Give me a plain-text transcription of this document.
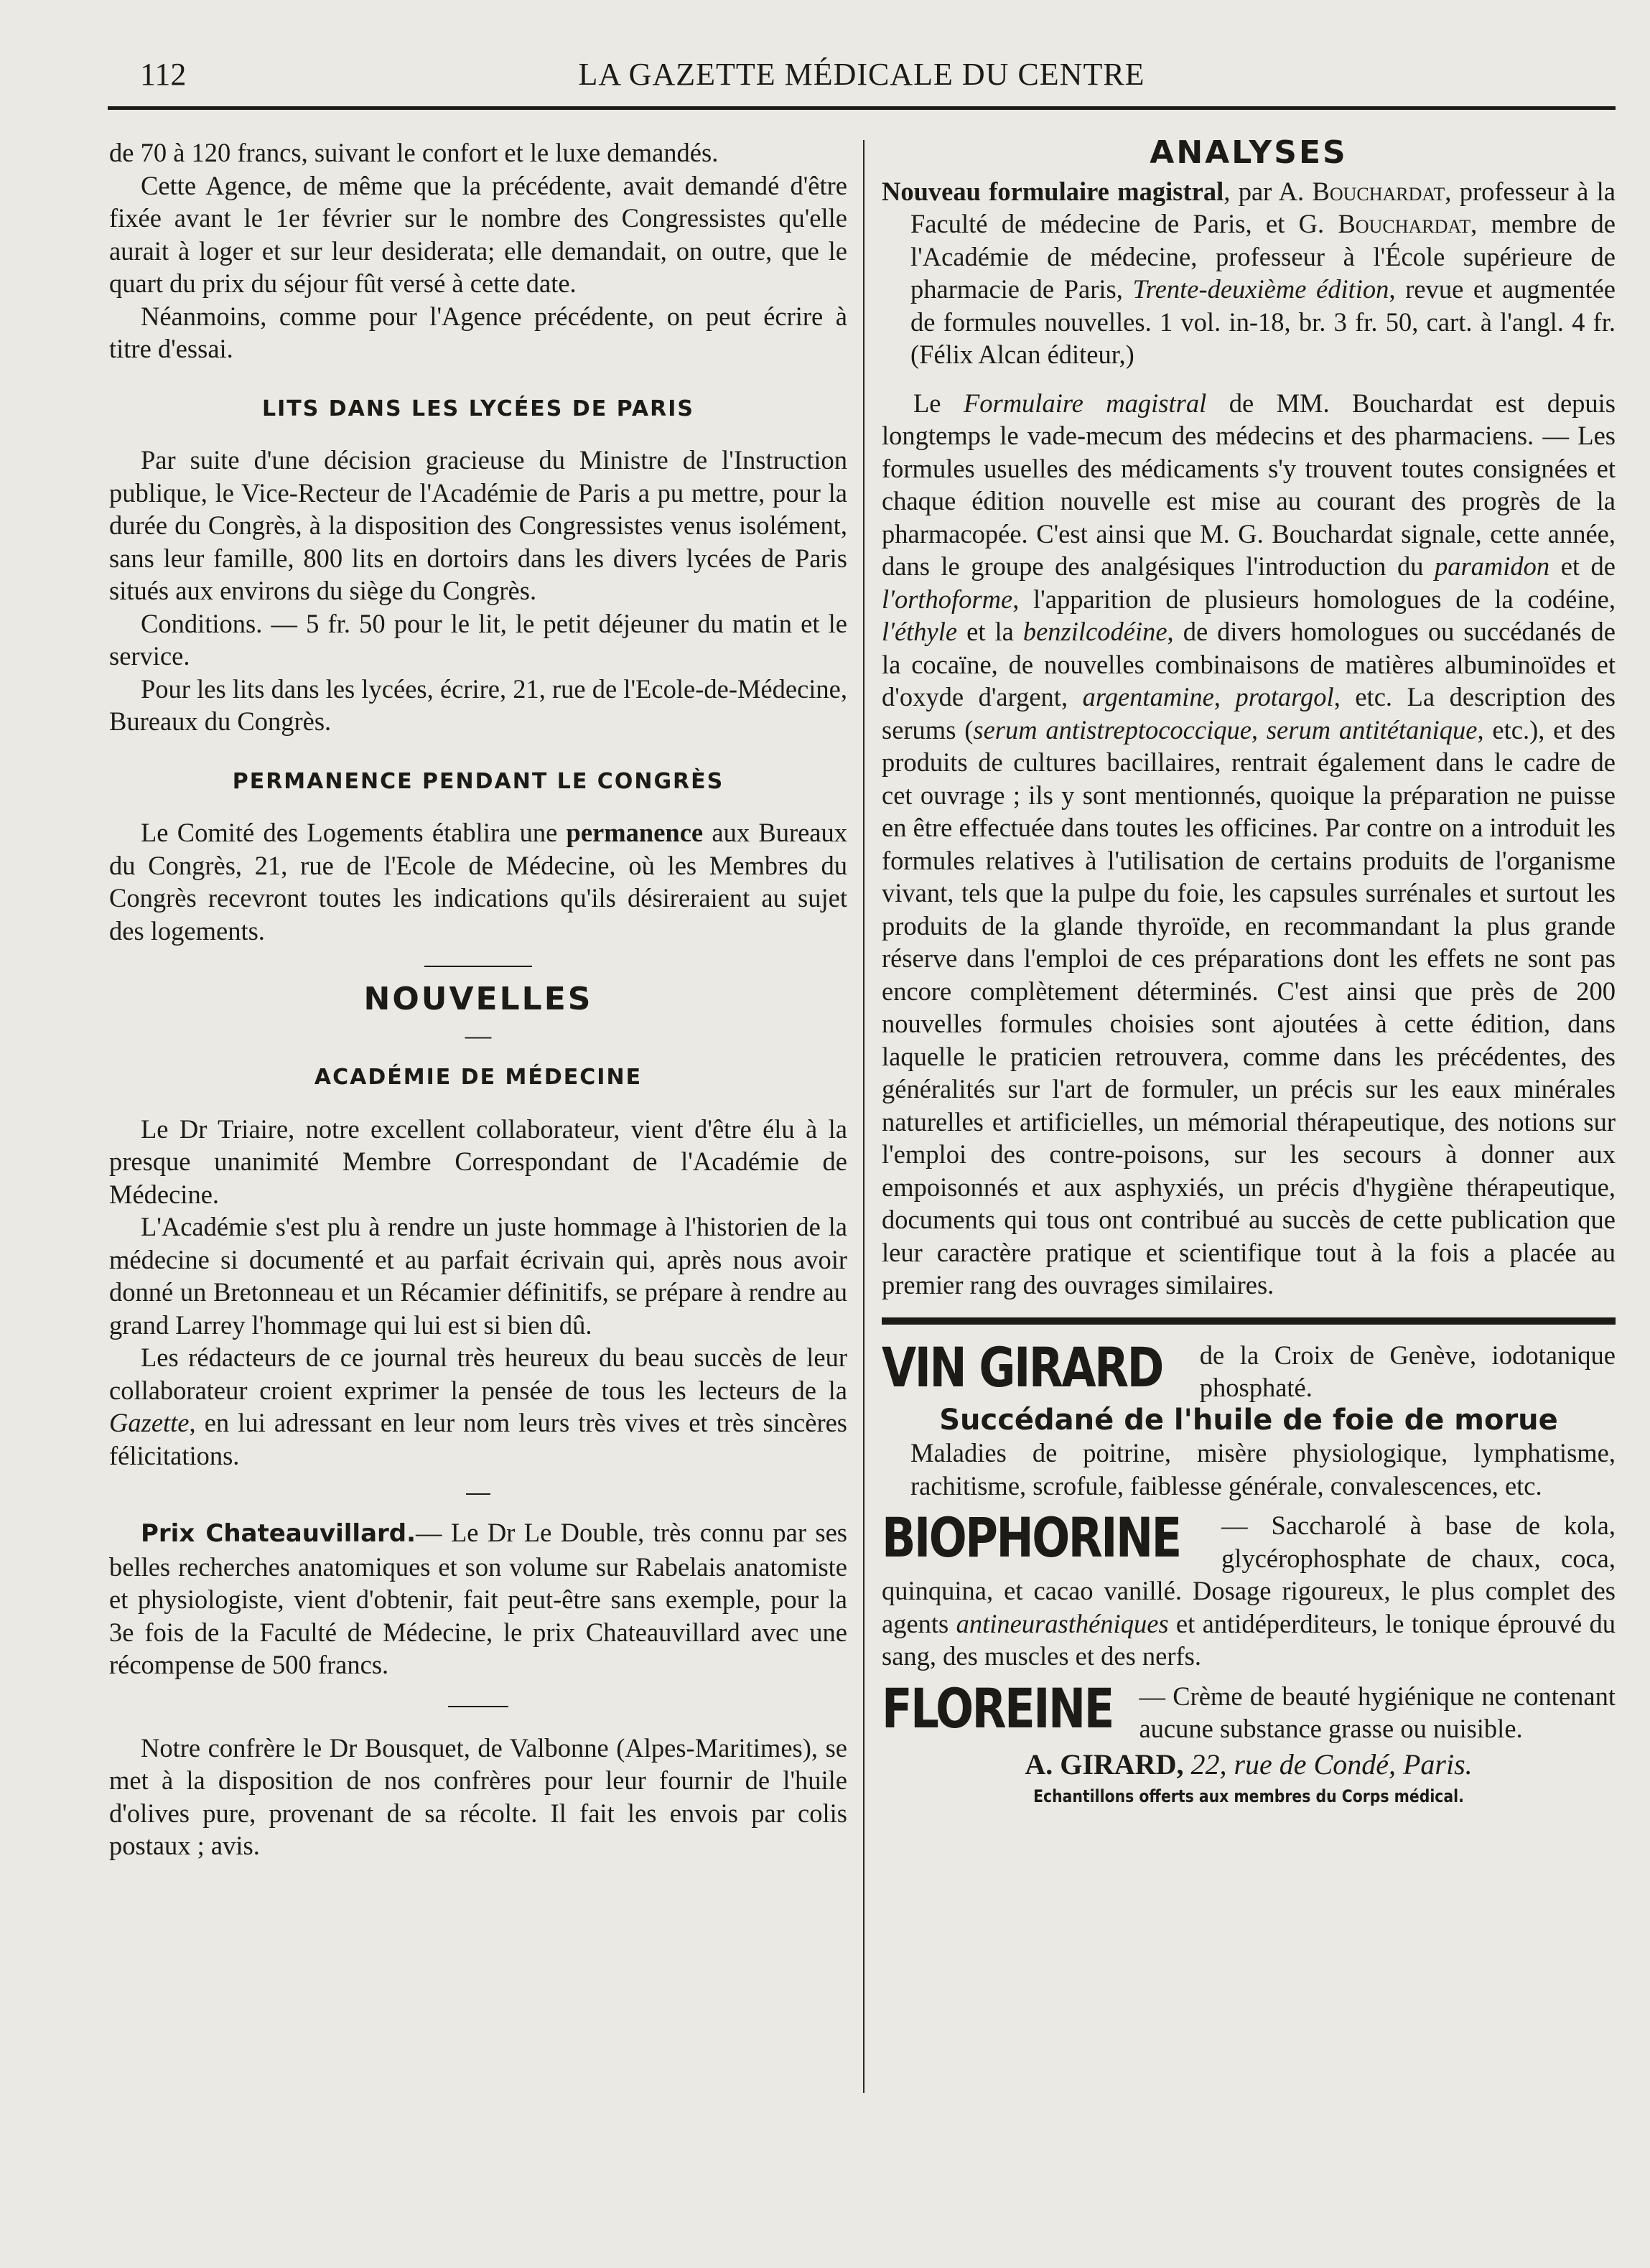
112	LA GAZETTE MÉDICALE DU CENTRE

de 70 à 120 francs, suivant le confort et le luxe demandés.

Cette Agence, de même que la précédente, avait demandé d'être fixée avant le 1er février sur le nombre des Congressistes qu'elle aurait à loger et sur leur desiderata; elle demandait, on outre, que le quart du prix du séjour fût versé à cette date.

Néanmoins, comme pour l'Agence précédente, on peut écrire à titre d'essai.

LITS DANS LES LYCÉES DE PARIS

Par suite d'une décision gracieuse du Ministre de l'Instruction publique, le Vice-Recteur de l'Académie de Paris a pu mettre, pour la durée du Congrès, à la disposition des Congressistes venus isolément, sans leur famille, 800 lits en dortoirs dans les divers lycées de Paris situés aux environs du siège du Congrès.

Conditions. — 5 fr. 50 pour le lit, le petit déjeuner du matin et le service.

Pour les lits dans les lycées, écrire, 21, rue de l'Ecole-de-Médecine, Bureaux du Congrès.

PERMANENCE PENDANT LE CONGRÈS

Le Comité des Logements établira une permanence aux Bureaux du Congrès, 21, rue de l'Ecole de Médecine, où les Membres du Congrès recevront toutes les indications qu'ils désireraient au sujet des logements.

NOUVELLES
—
ACADÉMIE DE MÉDECINE

Le Dr Triaire, notre excellent collaborateur, vient d'être élu à la presque unanimité Membre Correspondant de l'Académie de Médecine.

L'Académie s'est plu à rendre un juste hommage à l'historien de la médecine si documenté et au parfait écrivain qui, après nous avoir donné un Bretonneau et un Récamier définitifs, se prépare à rendre au grand Larrey l'hommage qui lui est si bien dû.

Les rédacteurs de ce journal très heureux du beau succès de leur collaborateur croient exprimer la pensée de tous les lecteurs de la Gazette, en lui adressant en leur nom leurs très vives et très sincères félicitations.

Prix Chateauvillard.— Le Dr Le Double, très connu par ses belles recherches anatomiques et son volume sur Rabelais anatomiste et physiologiste, vient d'obtenir, fait peut-être sans exemple, pour la 3e fois de la Faculté de Médecine, le prix Chateauvillard avec une récompense de 500 francs.

Notre confrère le Dr Bousquet, de Valbonne (Alpes-Maritimes), se met à la disposition de nos confrères pour leur fournir de l'huile d'olives pure, provenant de sa récolte. Il fait les envois par colis postaux ; avis.

ANALYSES

Nouveau formulaire magistral, par A. Bouchardat, professeur à la Faculté de médecine de Paris, et G. Bouchardat, membre de l'Académie de médecine, professeur à l'École supérieure de pharmacie de Paris, Trente-deuxième édition, revue et augmentée de formules nouvelles. 1 vol. in-18, br. 3 fr. 50, cart. à l'angl. 4 fr. (Félix Alcan éditeur,)

Le Formulaire magistral de MM. Bouchardat est depuis longtemps le vade-mecum des médecins et des pharmaciens. — Les formules usuelles des médicaments s'y trouvent toutes consignées et chaque édition nouvelle est mise au courant des progrès de la pharmacopée. C'est ainsi que M. G. Bouchardat signale, cette année, dans le groupe des analgésiques l'introduction du paramidon et de l'orthoforme, l'apparition de plusieurs homologues de la codéine, l'éthyle et la benzilcodéine, de divers homologues ou succédanés de la cocaïne, de nouvelles combinaisons de matières albuminoïdes et d'oxyde d'argent, argentamine, protargol, etc. La description des serums (serum antistreptococcique, serum antitétanique, etc.), et des produits de cultures bacillaires, rentrait également dans le cadre de cet ouvrage ; ils y sont mentionnés, quoique la préparation ne puisse en être effectuée dans toutes les officines. Par contre on a introduit les formules relatives à l'utilisation de certains produits de l'organisme vivant, tels que la pulpe du foie, les capsules surrénales et surtout les produits de la glande thyroïde, en recommandant la plus grande réserve dans l'emploi de ces préparations dont les effets ne sont pas encore complètement déterminés. C'est ainsi que près de 200 nouvelles formules choisies sont ajoutées à cette édition, dans laquelle le praticien retrouvera, comme dans les précédentes, des généralités sur l'art de formuler, un précis sur les eaux minérales naturelles et artificielles, un mémorial thérapeutique, des notions sur l'emploi des contre-poisons, sur les secours à donner aux empoisonnés et aux asphyxiés, un précis d'hygiène thérapeutique, documents qui tous ont contribué au succès de cette publication que leur caractère pratique et scientifique tout à la fois a placée au premier rang des ouvrages similaires.

VIN GIRARD	de la Croix de Genève, iodotanique phosphaté.

Succédané de l'huile de foie de morue

Maladies de poitrine, misère physiologique, lymphatisme, rachitisme, scrofule, faiblesse générale, convalescences, etc.

BIOPHORINE	— Saccharolé à base de kola, glycérophosphate de chaux, coca, quinquina, et cacao vanillé. Dosage rigoureux, le plus complet des agents antineurasthéniques et antidéperditeurs, le tonique éprouvé du sang, des muscles et des nerfs.

FLOREINE	— Crème de beauté hygiénique ne contenant aucune substance grasse ou nuisible.

A. GIRARD, 22, rue de Condé, Paris.

Echantillons offerts aux membres du Corps médical.
